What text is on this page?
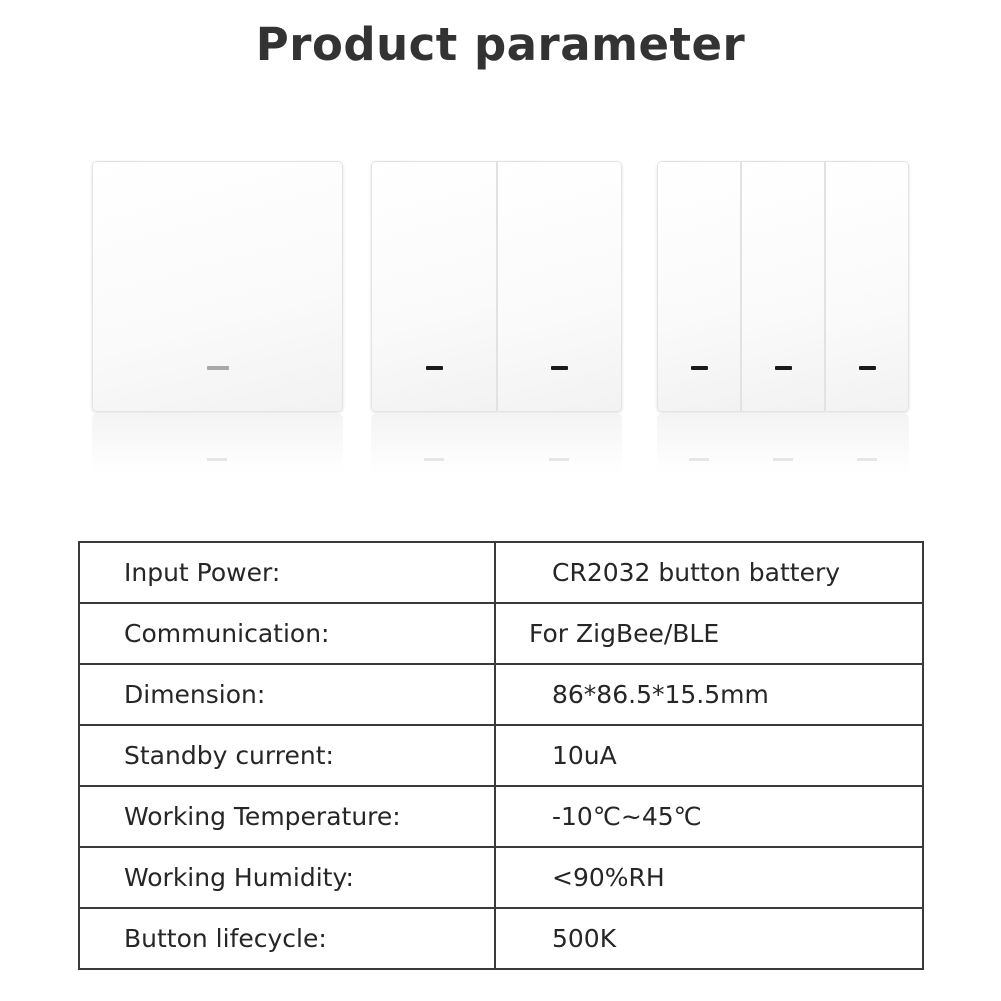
Product parameter
Input Power:	CR2032 button battery
Communication:	For ZigBee/BLE
Dimension:	86*86.5*15.5mm
Standby current:	10uA
Working Temperature:	-10℃~45℃
Working Humidity:	<90%RH
Button lifecycle:	500K
